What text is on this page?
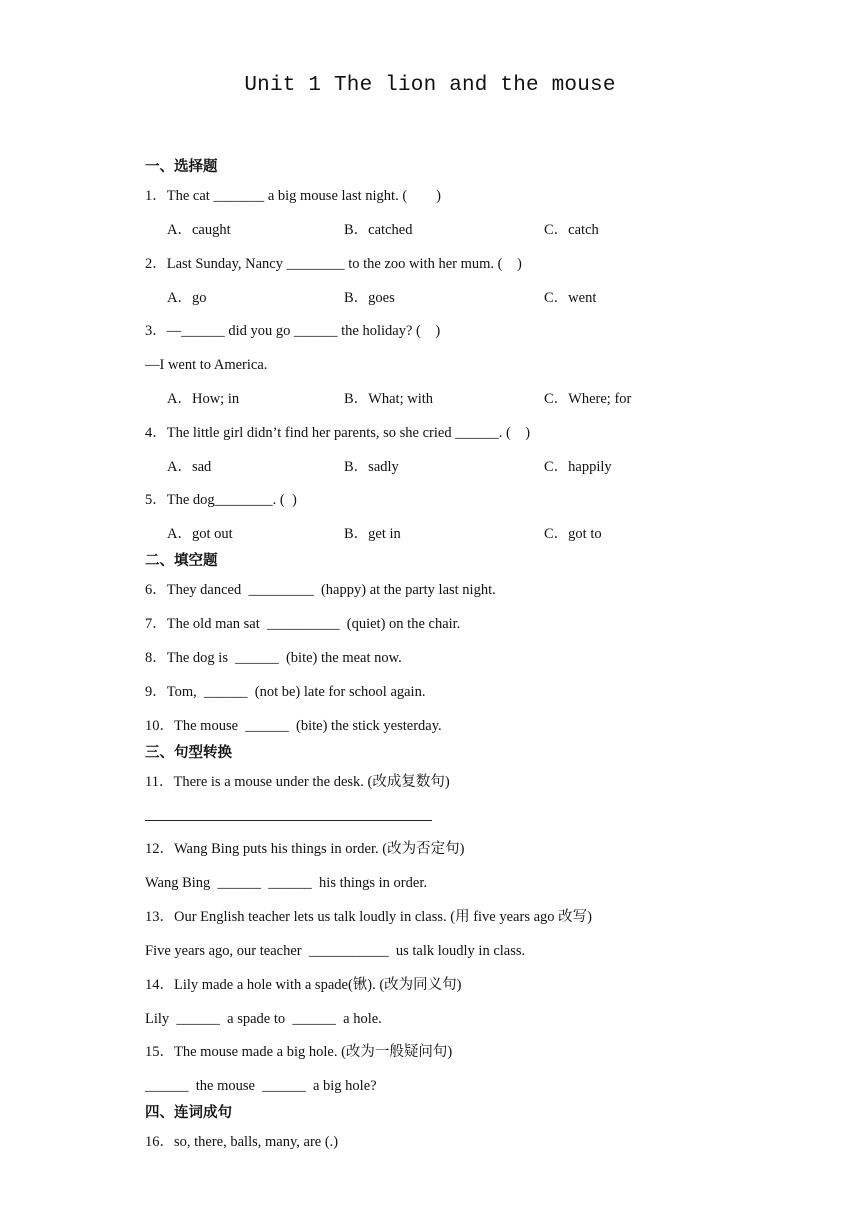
Unit 1 The lion and the mouse
一、选择题
1．The cat _______ a big mouse last night. (        )
A．caught	B．catched	C．catch
2．Last Sunday, Nancy ________ to the zoo with her mum. (    )
A．go	B．goes	C．went
3．—______ did you go ______ the holiday? (    )
—I went to America.
A．How; in	B．What; with	C．Where; for
4．The little girl didn’t find her parents, so she cried ______. (    )
A．sad	B．sadly	C．happily
5．The dog________. (  )
A．got out	B．get in	C．got to
二、填空题
6．They danced  _________  (happy) at the party last night.
7．The old man sat  __________  (quiet) on the chair.
8．The dog is  ______  (bite) the meat now.
9．Tom,  ______  (not be) late for school again.
10．The mouse  ______  (bite) the stick yesterday.
三、句型转换
11．There is a mouse under the desk. (改成复数句)
12．Wang Bing puts his things in order. (改为否定句)
Wang Bing  ______  ______  his things in order.
13．Our English teacher lets us talk loudly in class. (用 five years ago 改写)
Five years ago, our teacher  ___________  us talk loudly in class.
14．Lily made a hole with a spade(锹). (改为同义句)
Lily  ______  a spade to  ______  a hole.
15．The mouse made a big hole. (改为一般疑问句)
______  the mouse  ______  a big hole?
四、连词成句
16．so, there, balls, many, are (.)
